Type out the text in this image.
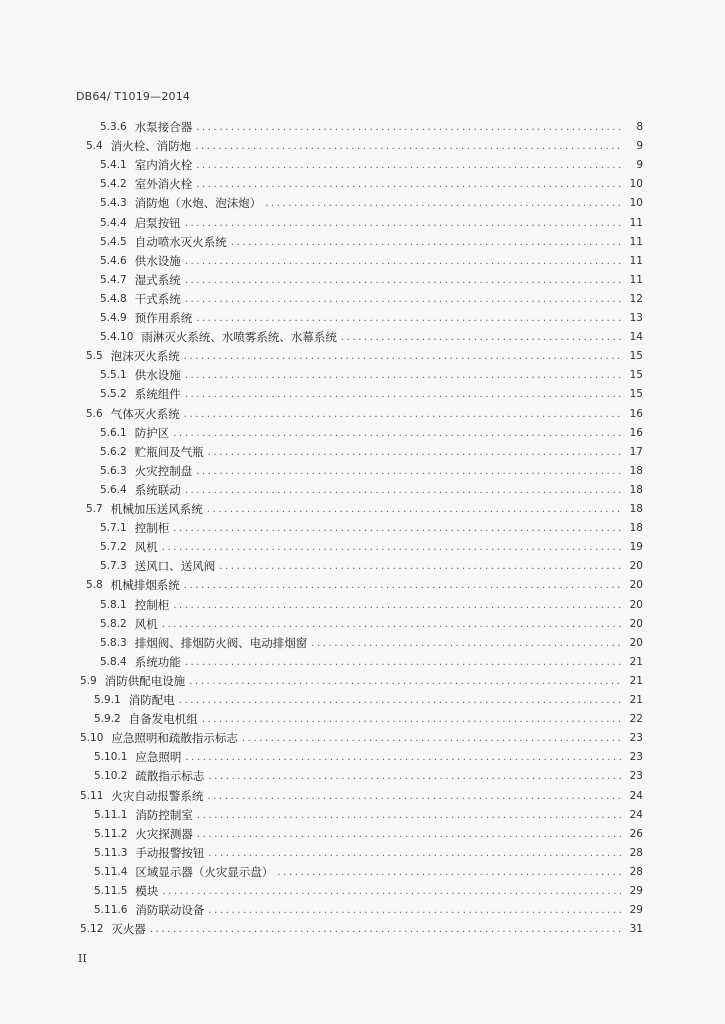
DB64/ T1019—2014
5.3.6 水泵接合器 .....	8
5.4 消火栓、消防炮 .....	9
5.4.1 室内消火栓 .....	9
5.4.2 室外消火栓 .....	10
5.4.3 消防炮（水炮、泡沫炮） .....	10
5.4.4 启泵按钮 .....	11
5.4.5 自动喷水灭火系统 .....	11
5.4.6 供水设施 .....	11
5.4.7 湿式系统 .....	11
5.4.8 干式系统 .....	12
5.4.9 预作用系统 .....	13
5.4.10 雨淋灭火系统、水喷雾系统、水幕系统 .....	14
5.5 泡沫灭火系统 .....	15
5.5.1 供水设施 .....	15
5.5.2 系统组件 .....	15
5.6 气体灭火系统 .....	16
5.6.1 防护区 .....	16
5.6.2 贮瓶间及气瓶 .....	17
5.6.3 火灾控制盘 .....	18
5.6.4 系统联动 .....	18
5.7 机械加压送风系统 .....	18
5.7.1 控制柜 .....	18
5.7.2 风机 .....	19
5.7.3 送风口、送风阀 .....	20
5.8 机械排烟系统 .....	20
5.8.1 控制柜 .....	20
5.8.2 风机 .....	20
5.8.3 排烟阀、排烟防火阀、电动排烟窗 .....	20
5.8.4 系统功能 .....	21
5.9 消防供配电设施 .....	21
5.9.1 消防配电 .....	21
5.9.2 自备发电机组 .....	22
5.10 应急照明和疏散指示标志 .....	23
5.10.1 应急照明 .....	23
5.10.2 疏散指示标志 .....	23
5.11 火灾自动报警系统 .....	24
5.11.1 消防控制室 .....	24
5.11.2 火灾探测器 .....	26
5.11.3 手动报警按钮 .....	28
5.11.4 区域显示器（火灾显示盘） .....	28
5.11.5 模块 .....	29
5.11.6 消防联动设备 .....	29
5.12 灭火器 .....	31
II
